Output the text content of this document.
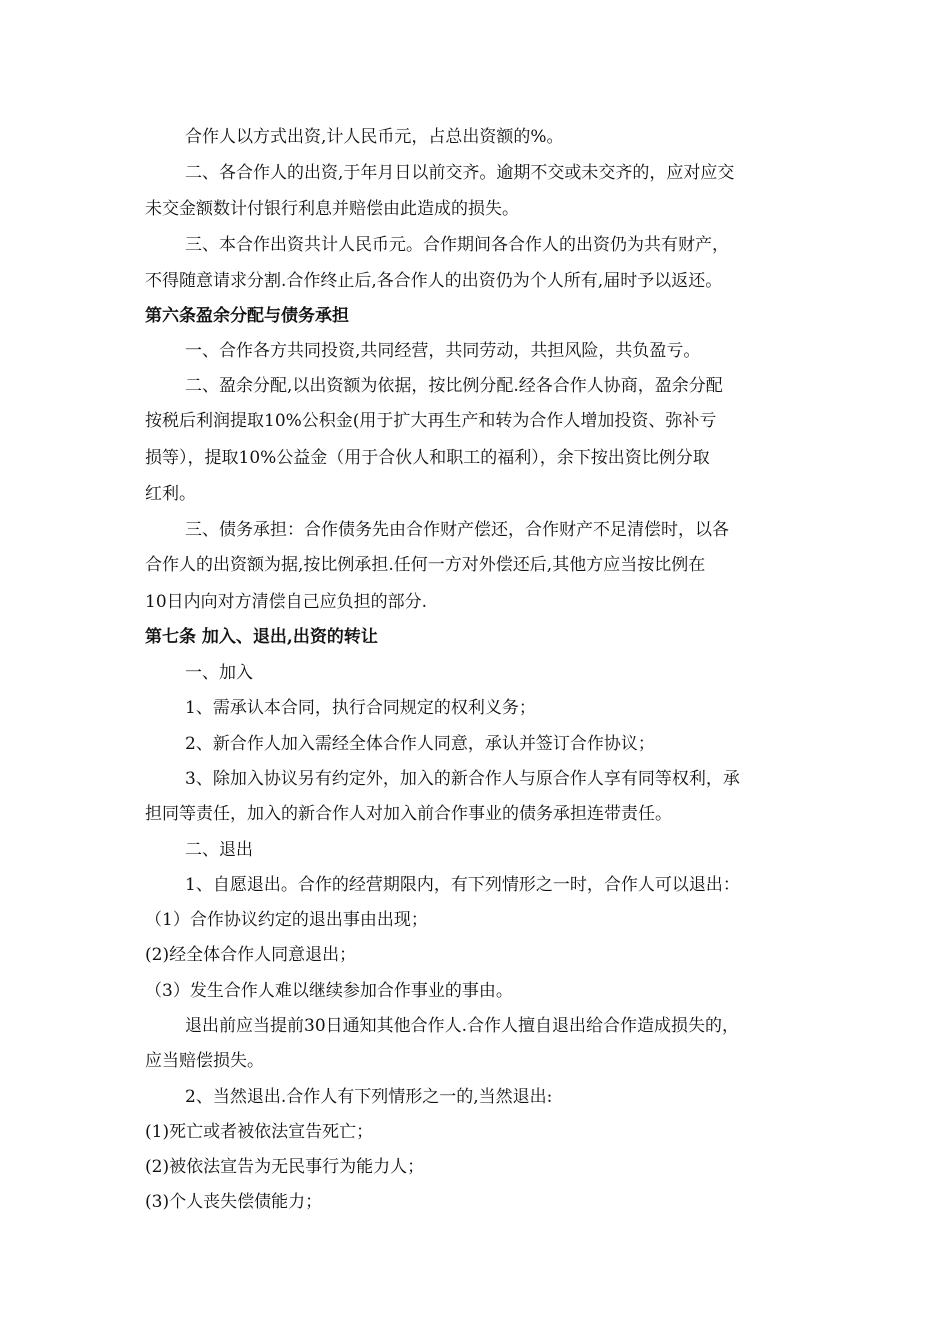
合作人以方式出资,计人民币元，占总出资额的%。
二、各合作人的出资,于年月日以前交齐。逾期不交或未交齐的，应对应交
未交金额数计付银行利息并赔偿由此造成的损失。
三、本合作出资共计人民币元。合作期间各合作人的出资仍为共有财产，
不得随意请求分割.合作终止后,各合作人的出资仍为个人所有,届时予以返还。
第六条盈余分配与债务承担
一、合作各方共同投资,共同经营，共同劳动，共担风险，共负盈亏。
二、盈余分配,以出资额为依据，按比例分配.经各合作人协商，盈余分配
按税后利润提取10%公积金(用于扩大再生产和转为合作人增加投资、弥补亏
损等），提取10%公益金（用于合伙人和职工的福利），余下按出资比例分取
红利。
三、债务承担：合作债务先由合作财产偿还，合作财产不足清偿时，以各
合作人的出资额为据,按比例承担.任何一方对外偿还后,其他方应当按比例在
10日内向对方清偿自己应负担的部分.
第七条 加入、退出,出资的转让
一、加入
1、需承认本合同，执行合同规定的权利义务；
2、新合作人加入需经全体合作人同意，承认并签订合作协议；
3、除加入协议另有约定外，加入的新合作人与原合作人享有同等权利，承
担同等责任，加入的新合作人对加入前合作事业的债务承担连带责任。
二、退出
1、自愿退出。合作的经营期限内，有下列情形之一时，合作人可以退出：
（1）合作协议约定的退出事由出现；
(2)经全体合作人同意退出；
（3）发生合作人难以继续参加合作事业的事由。
退出前应当提前30日通知其他合作人.合作人擅自退出给合作造成损失的，
应当赔偿损失。
2、当然退出.合作人有下列情形之一的,当然退出:
(1)死亡或者被依法宣告死亡；
(2)被依法宣告为无民事行为能力人；
(3)个人丧失偿债能力；
